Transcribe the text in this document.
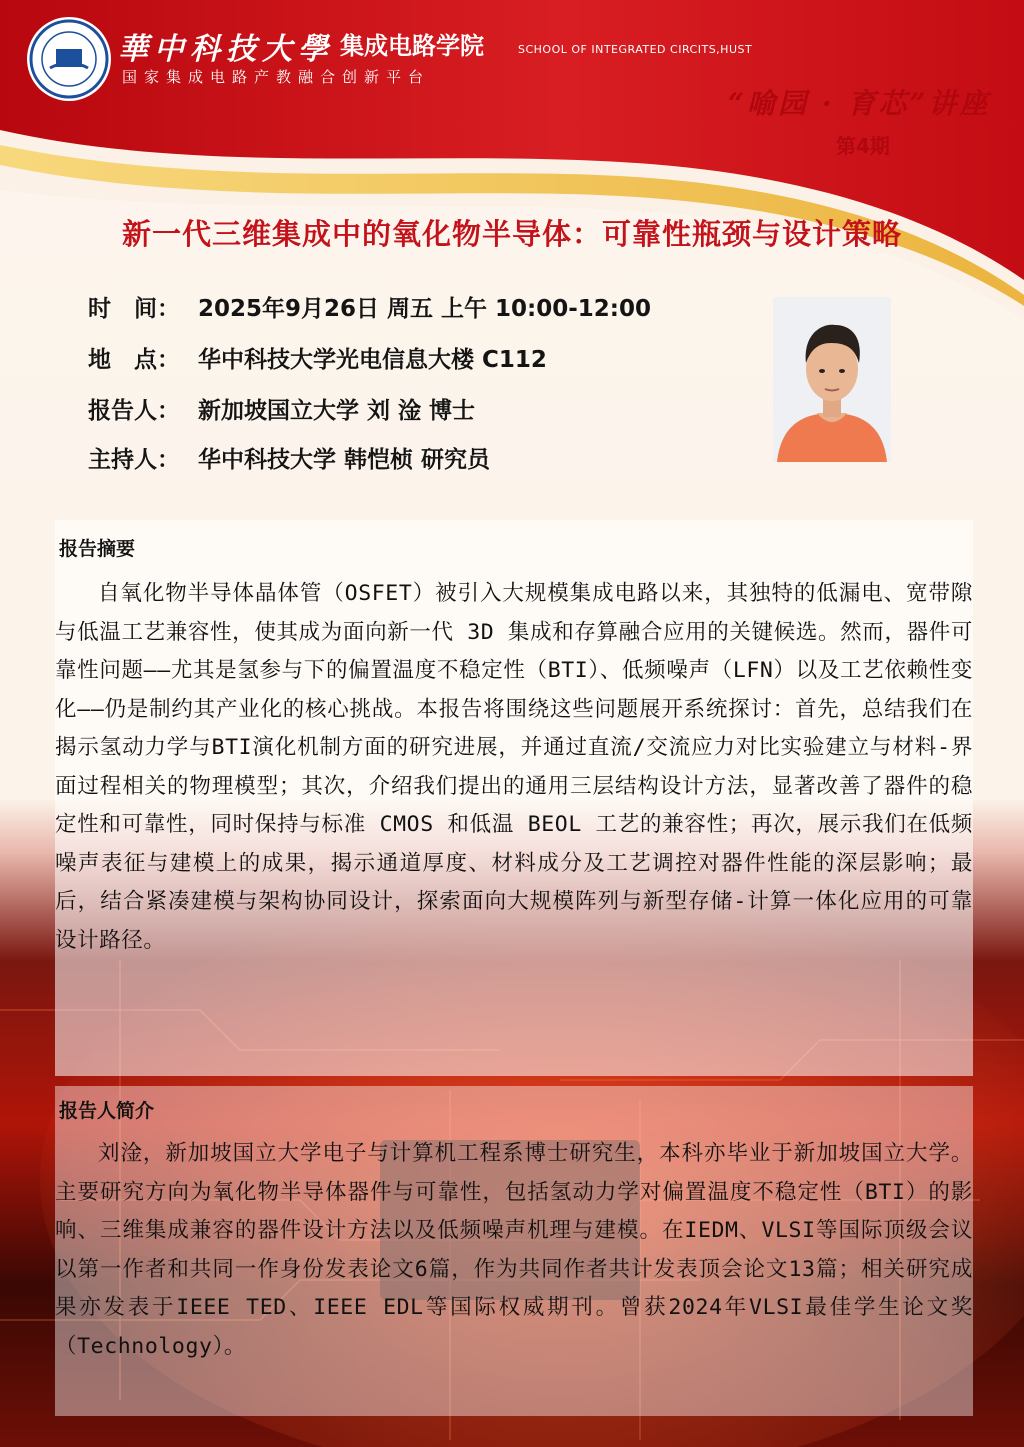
華中科技大學 集成电路学院	SCHOOL OF INTEGRATED CIRCITS,HUST
国家集成电路产教融合创新平台
“喻园 · 育芯”讲座
第4期
新一代三维集成中的氧化物半导体：可靠性瓶颈与设计策略
时　间： 2025年9月26日 周五 上午 10:00-12:00
地　点： 华中科技大学光电信息大楼 C112
报告人： 新加坡国立大学 刘 淦 博士
主持人： 华中科技大学 韩恺桢 研究员
报告摘要

自氧化物半导体晶体管（OSFET）被引入大规模集成电路以来，其独特的低漏电、宽带隙与低温工艺兼容性，使其成为面向新一代 3D 集成和存算融合应用的关键候选。然而，器件可靠性问题——尤其是氢参与下的偏置温度不稳定性（BTI）、低频噪声（LFN）以及工艺依赖性变化——仍是制约其产业化的核心挑战。本报告将围绕这些问题展开系统探讨：首先，总结我们在揭示氢动力学与BTI演化机制方面的研究进展，并通过直流/交流应力对比实验建立与材料-界面过程相关的物理模型；其次，介绍我们提出的通用三层结构设计方法，显著改善了器件的稳定性和可靠性，同时保持与标准 CMOS 和低温 BEOL 工艺的兼容性；再次，展示我们在低频噪声表征与建模上的成果，揭示通道厚度、材料成分及工艺调控对器件性能的深层影响；最后，结合紧凑建模与架构协同设计，探索面向大规模阵列与新型存储-计算一体化应用的可靠设计路径。

报告人简介

刘淦，新加坡国立大学电子与计算机工程系博士研究生，本科亦毕业于新加坡国立大学。主要研究方向为氧化物半导体器件与可靠性，包括氢动力学对偏置温度不稳定性（BTI）的影响、三维集成兼容的器件设计方法以及低频噪声机理与建模。在IEDM、VLSI等国际顶级会议以第一作者和共同一作身份发表论文6篇，作为共同作者共计发表顶会论文13篇；相关研究成果亦发表于IEEE TED、IEEE EDL等国际权威期刊。曾获2024年VLSI最佳学生论文奖（Technology）。
